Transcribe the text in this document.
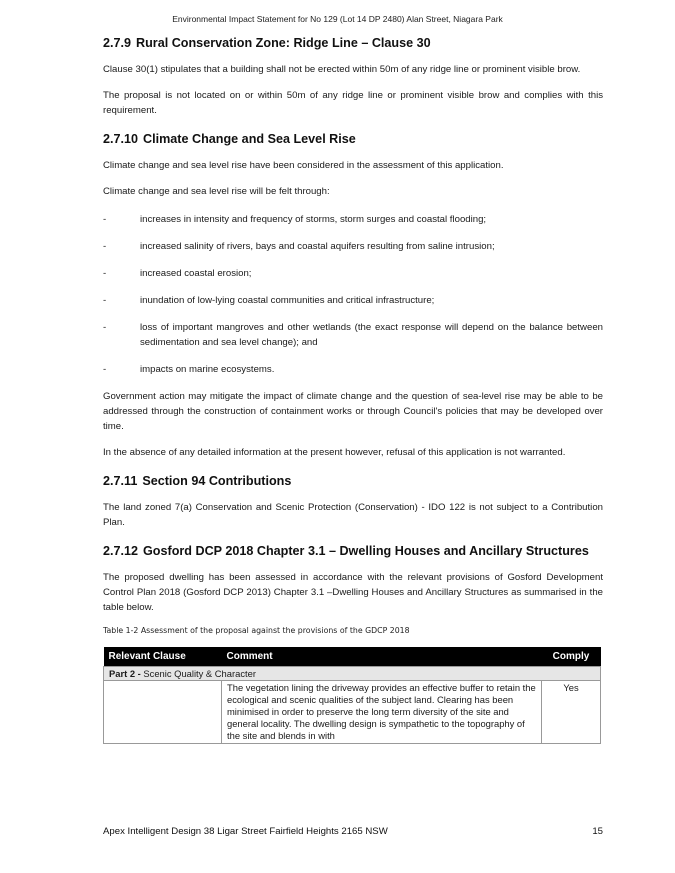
Environmental Impact Statement for No 129 (Lot 14 DP 2480) Alan Street, Niagara Park
2.7.9 Rural Conservation Zone: Ridge Line – Clause 30

Clause 30(1) stipulates that a building shall not be erected within 50m of any ridge line or prominent visible brow.

The proposal is not located on or within 50m of any ridge line or prominent visible brow and complies with this requirement.

2.7.10 Climate Change and Sea Level Rise

Climate change and sea level rise have been considered in the assessment of this application.

Climate change and sea level rise will be felt through:

-	increases in intensity and frequency of storms, storm surges and coastal flooding;
-	increased salinity of rivers, bays and coastal aquifers resulting from saline intrusion;
-	increased coastal erosion;
-	inundation of low-lying coastal communities and critical infrastructure;
-	loss of important mangroves and other wetlands (the exact response will depend on the balance between sedimentation and sea level change); and
-	impacts on marine ecosystems.

Government action may mitigate the impact of climate change and the question of sea-level rise may be able to be addressed through the construction of containment works or through Council's policies that may be developed over time.

In the absence of any detailed information at the present however, refusal of this application is not warranted.

2.7.11 Section 94 Contributions

The land zoned 7(a) Conservation and Scenic Protection (Conservation) - IDO 122 is not subject to a Contribution Plan.

2.7.12 Gosford DCP 2018 Chapter 3.1 – Dwelling Houses and Ancillary Structures

The proposed dwelling has been assessed in accordance with the relevant provisions of Gosford Development Control Plan 2018 (Gosford DCP 2013) Chapter 3.1 –Dwelling Houses and Ancillary Structures as summarised in the table below.

Table 1-2 Assessment of the proposal against the provisions of the GDCP 2018
Relevant Clause	Comment	Comply
Part 2 - Scenic Quality & Character		
	The vegetation lining the driveway provides an effective buffer to retain the ecological and scenic qualities of the subject land. Clearing has been minimised in order to preserve the long term diversity of the site and general locality. The dwelling design is sympathetic to the topography of the site and blends in with	Yes
Apex Intelligent Design 38 Ligar Street Fairfield Heights 2165 NSW	15
